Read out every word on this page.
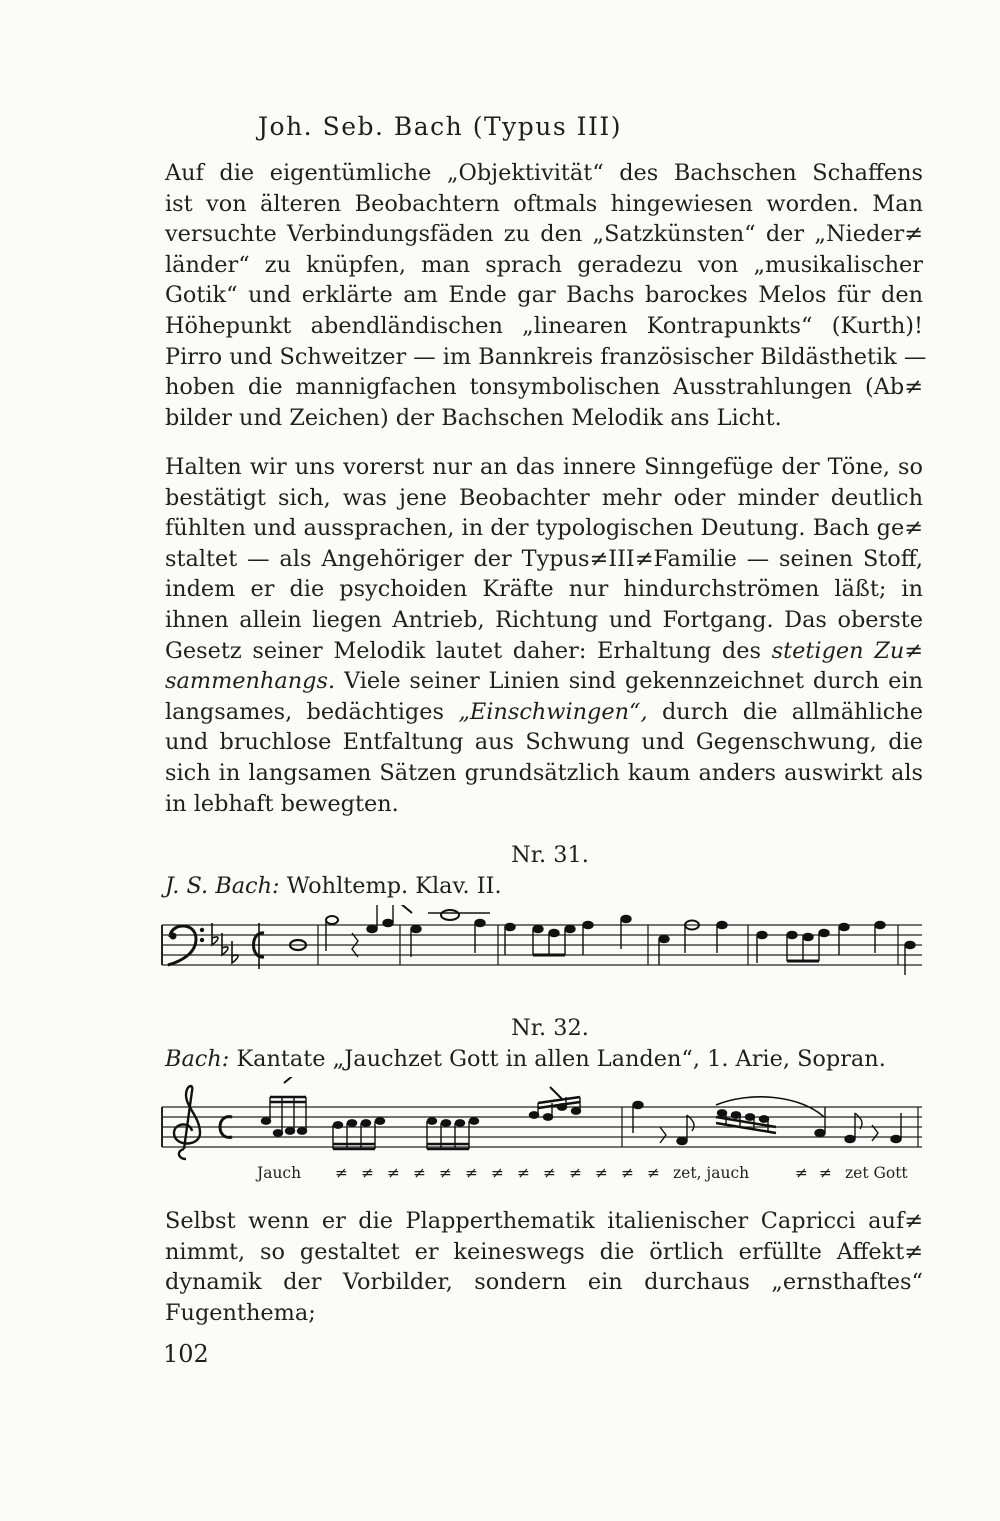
Joh. Seb. Bach (Typus III)
Auf die eigentümliche „Objektivität“ des Bachschen Schaffens
ist von älteren Beobachtern oftmals hingewiesen worden. Man
versuchte Verbindungsfäden zu den „Satzkünsten“ der „Nieder≠
länder“ zu knüpfen, man sprach geradezu von „musikalischer
Gotik“ und erklärte am Ende gar Bachs barockes Melos für den
Höhepunkt abendländischen „linearen Kontrapunkts“ (Kurth)!
Pirro und Schweitzer — im Bannkreis französischer Bildästhetik —
hoben die mannigfachen tonsymbolischen Ausstrahlungen (Ab≠
bilder und Zeichen) der Bachschen Melodik ans Licht.
Halten wir uns vorerst nur an das innere Sinngefüge der Töne, so
bestätigt sich, was jene Beobachter mehr oder minder deutlich
fühlten und aussprachen, in der typologischen Deutung. Bach ge≠
staltet — als Angehöriger der Typus≠III≠Familie — seinen Stoff,
indem er die psychoiden Kräfte nur hindurchströmen läßt; in
ihnen allein liegen Antrieb, Richtung und Fortgang. Das oberste
Gesetz seiner Melodik lautet daher: Erhaltung des stetigen Zu≠
sammenhangs. Viele seiner Linien sind gekennzeichnet durch ein
langsames, bedächtiges „Einschwingen“, durch die allmähliche
und bruchlose Entfaltung aus Schwung und Gegenschwung, die
sich in langsamen Sätzen grundsätzlich kaum anders auswirkt als
in lebhaft bewegten.
Nr. 31.
J. S. Bach: Wohltemp. Klav. II.
Nr. 32.
Bach: Kantate „Jauchzet Gott in allen Landen“, 1. Arie, Sopran.
Jauch ≠ ≠ ≠ ≠ ≠ ≠ ≠ ≠ ≠ ≠ ≠ ≠ ≠ zet, jauch	≠ ≠ zet Gott
Selbst wenn er die Plapperthematik italienischer Capricci auf≠
nimmt, so gestaltet er keineswegs die örtlich erfüllte Affekt≠
dynamik der Vorbilder, sondern ein durchaus „ernsthaftes“
Fugenthema;
102
